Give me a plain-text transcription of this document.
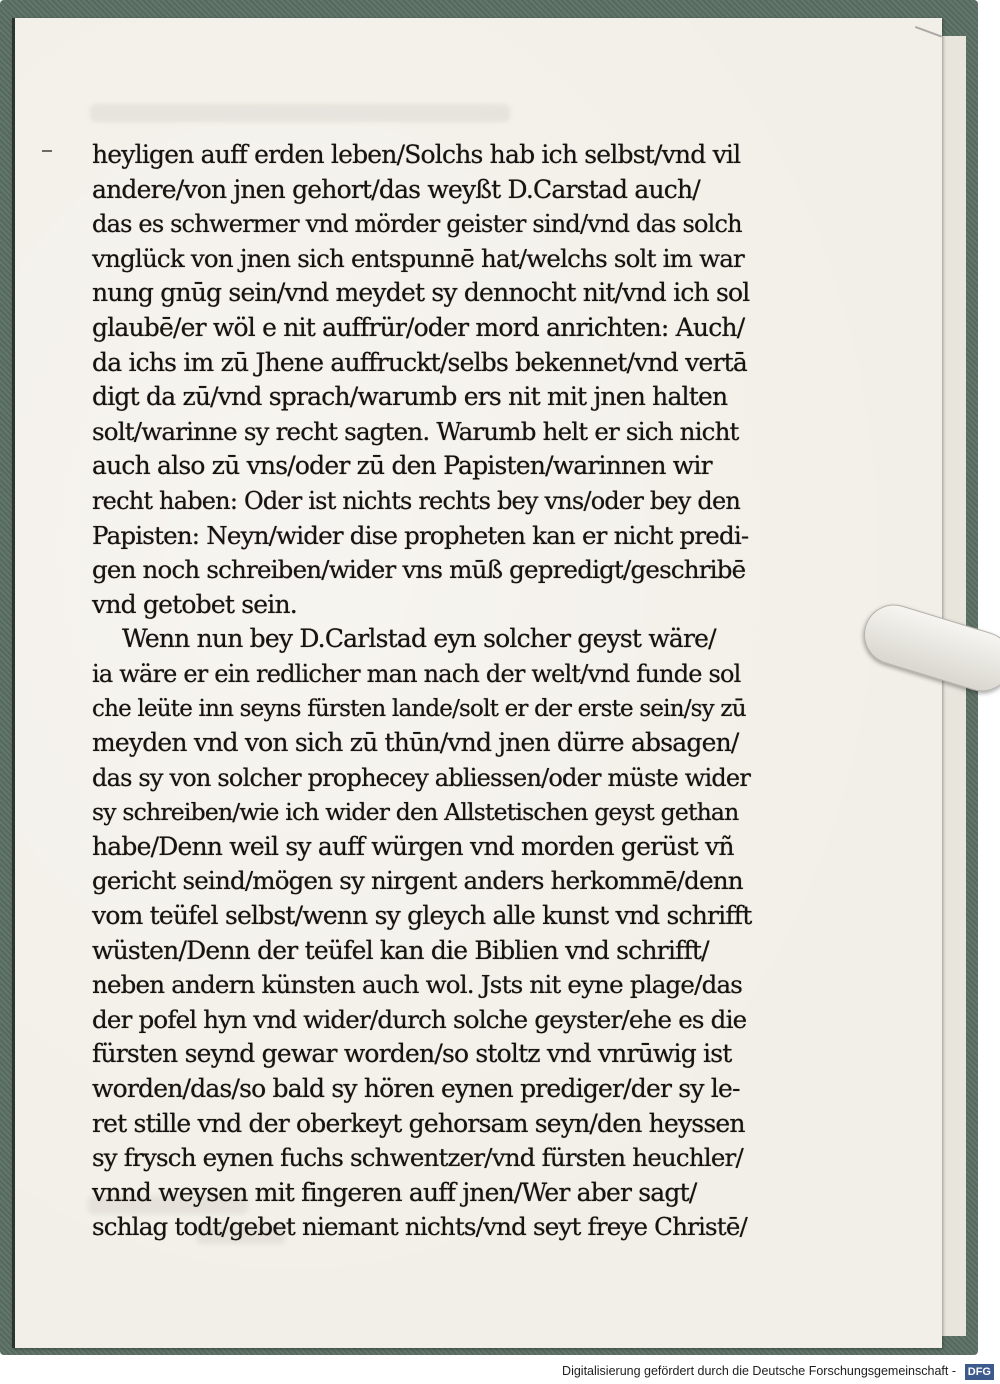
heyligen auff erden leben/Solchs hab ich selbst/vnd vil
andere/von jnen gehort/das weyßt D.Carstad auch/
das es schwermer vnd mörder geister sind/vnd das solch
vnglück von jnen sich entspunnē hat/welchs solt im war
nung gnūg sein/vnd meydet sy dennocht nit/vnd ich sol
glaubē/er wöl e nit auffrür/oder mord anrichten: Auch/
da ichs im zū Jhene auffruckt/selbs bekennet/vnd vertā
digt da zū/vnd sprach/warumb ers nit mit jnen halten
solt/warinne sy recht sagten. Warumb helt er sich nicht
auch also zū vns/oder zū den Papisten/warinnen wir
recht haben: Oder ist nichts rechts bey vns/oder bey den
Papisten: Neyn/wider dise propheten kan er nicht predi-
gen noch schreiben/wider vns mūß gepredigt/geschribē
vnd getobet sein.
Wenn nun bey D.Carlstad eyn solcher geyst wäre/
ia wäre er ein redlicher man nach der welt/vnd funde sol
che leüte inn seyns fürsten lande/solt er der erste sein/sy zū
meyden vnd von sich zū thūn/vnd jnen dürre absagen/
das sy von solcher prophecey abliessen/oder müste wider
sy schreiben/wie ich wider den Allstetischen geyst gethan
habe/Denn weil sy auff würgen vnd morden gerüst vñ
gericht seind/mögen sy nirgent anders herkommē/denn
vom teüfel selbst/wenn sy gleych alle kunst vnd schrifft
wüsten/Denn der teüfel kan die Biblien vnd schrifft/
neben andern künsten auch wol. Jsts nit eyne plage/das
der pofel hyn vnd wider/durch solche geyster/ehe es die
fürsten seynd gewar worden/so stoltz vnd vnrūwig ist
worden/das/so bald sy hören eynen prediger/der sy le-
ret stille vnd der oberkeyt gehorsam seyn/den heyssen
sy frysch eynen fuchs schwentzer/vnd fürsten heuchler/
vnnd weysen mit fingeren auff jnen/Wer aber sagt/
schlag todt/gebet niemant nichts/vnd seyt freye Christē/
Digitalisierung gefördert durch die Deutsche Forschungsgemeinschaft - DFG
